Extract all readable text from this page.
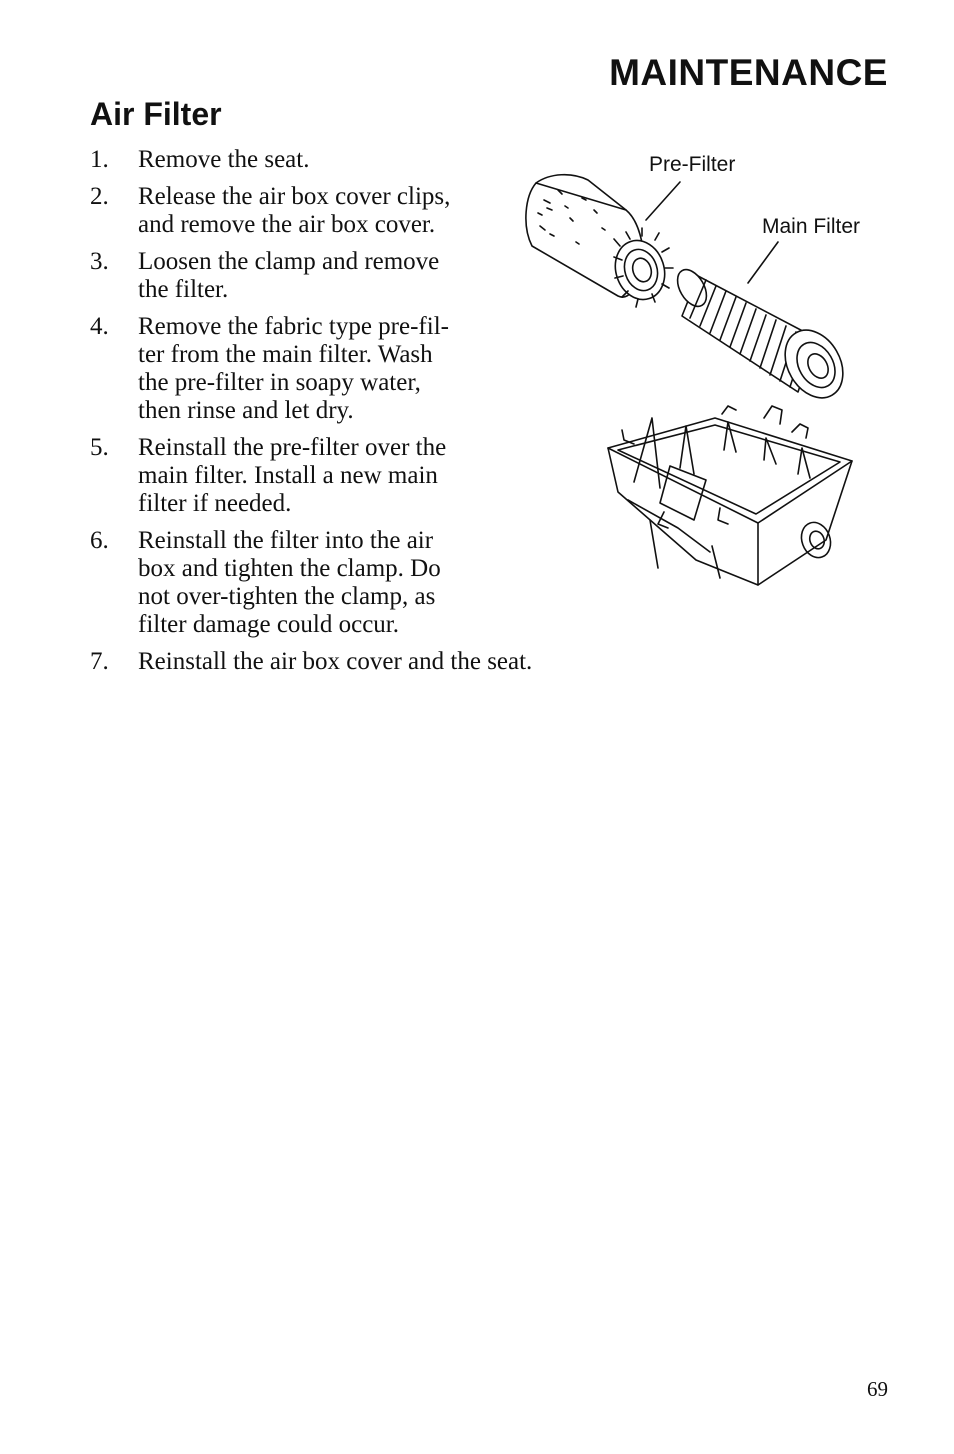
MAINTENANCE
Air Filter
1. Remove the seat.
2. Release the air box cover clips,
and remove the air box cover.
3. Loosen the clamp and remove
the filter.
4. Remove the fabric type pre-fil-
ter from the main filter. Wash
the pre-filter in soapy water,
then rinse and let dry.
5. Reinstall the pre-filter over the
main filter. Install a new main
filter if needed.
6. Reinstall the filter into the air
box and tighten the clamp. Do
not over-tighten the clamp, as
filter damage could occur.
7. Reinstall the air box cover and the seat.
Pre-Filter
Main Filter
69
